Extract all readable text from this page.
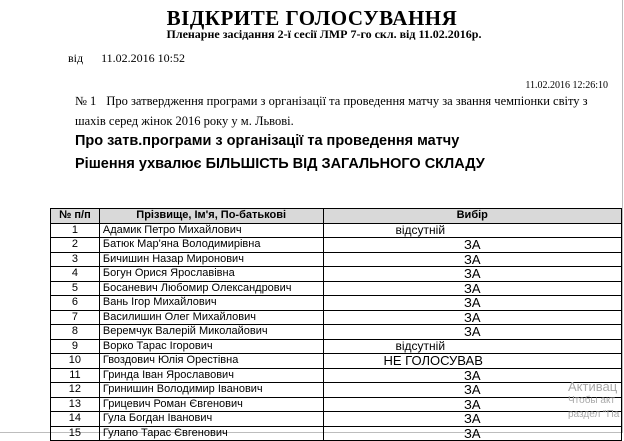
ВІДКРИТЕ ГОЛОСУВАННЯ
Пленарне засідання 2-ї сесії ЛМР 7-го скл. від 11.02.2016р.
від 11.02.2016 10:52
11.02.2016 12:26:10
№ 1 Про затвердження програми з організації та проведення матчу за звання чемпіонки світу з шахів серед жінок 2016 року у м. Львові.
Про затв.програми з організації та проведення матчу
Рішення ухвалює БІЛЬШІСТЬ ВІД ЗАГАЛЬНОГО СКЛАДУ
№ п/п	Прізвище, Ім'я, По-батькові	Вибір
1	Адамик Петро Михайлович	відсутній
2	Батюк Мар'яна Володимирівна	ЗА
3	Бичишин Назар Миронович	ЗА
4	Богун Орися Ярославівна	ЗА
5	Босаневич Любомир Олександрович	ЗА
6	Вань Ігор Михайлович	ЗА
7	Василишин Олег Михайлович	ЗА
8	Веремчук Валерій Миколайович	ЗА
9	Ворко Тарас Ігорович	відсутній
10	Гвоздович Юлія Орестівна	НЕ ГОЛОСУВАВ
11	Гринда Іван Ярославович	ЗА
12	Гринишин Володимир Іванович	ЗА
13	Грицевич Роман Євгенович	ЗА
14	Гула Богдан Іванович	ЗА
15	Гулапо Тарас Євгенович	ЗА
Активац
Чтобы акт
раздел "Па
